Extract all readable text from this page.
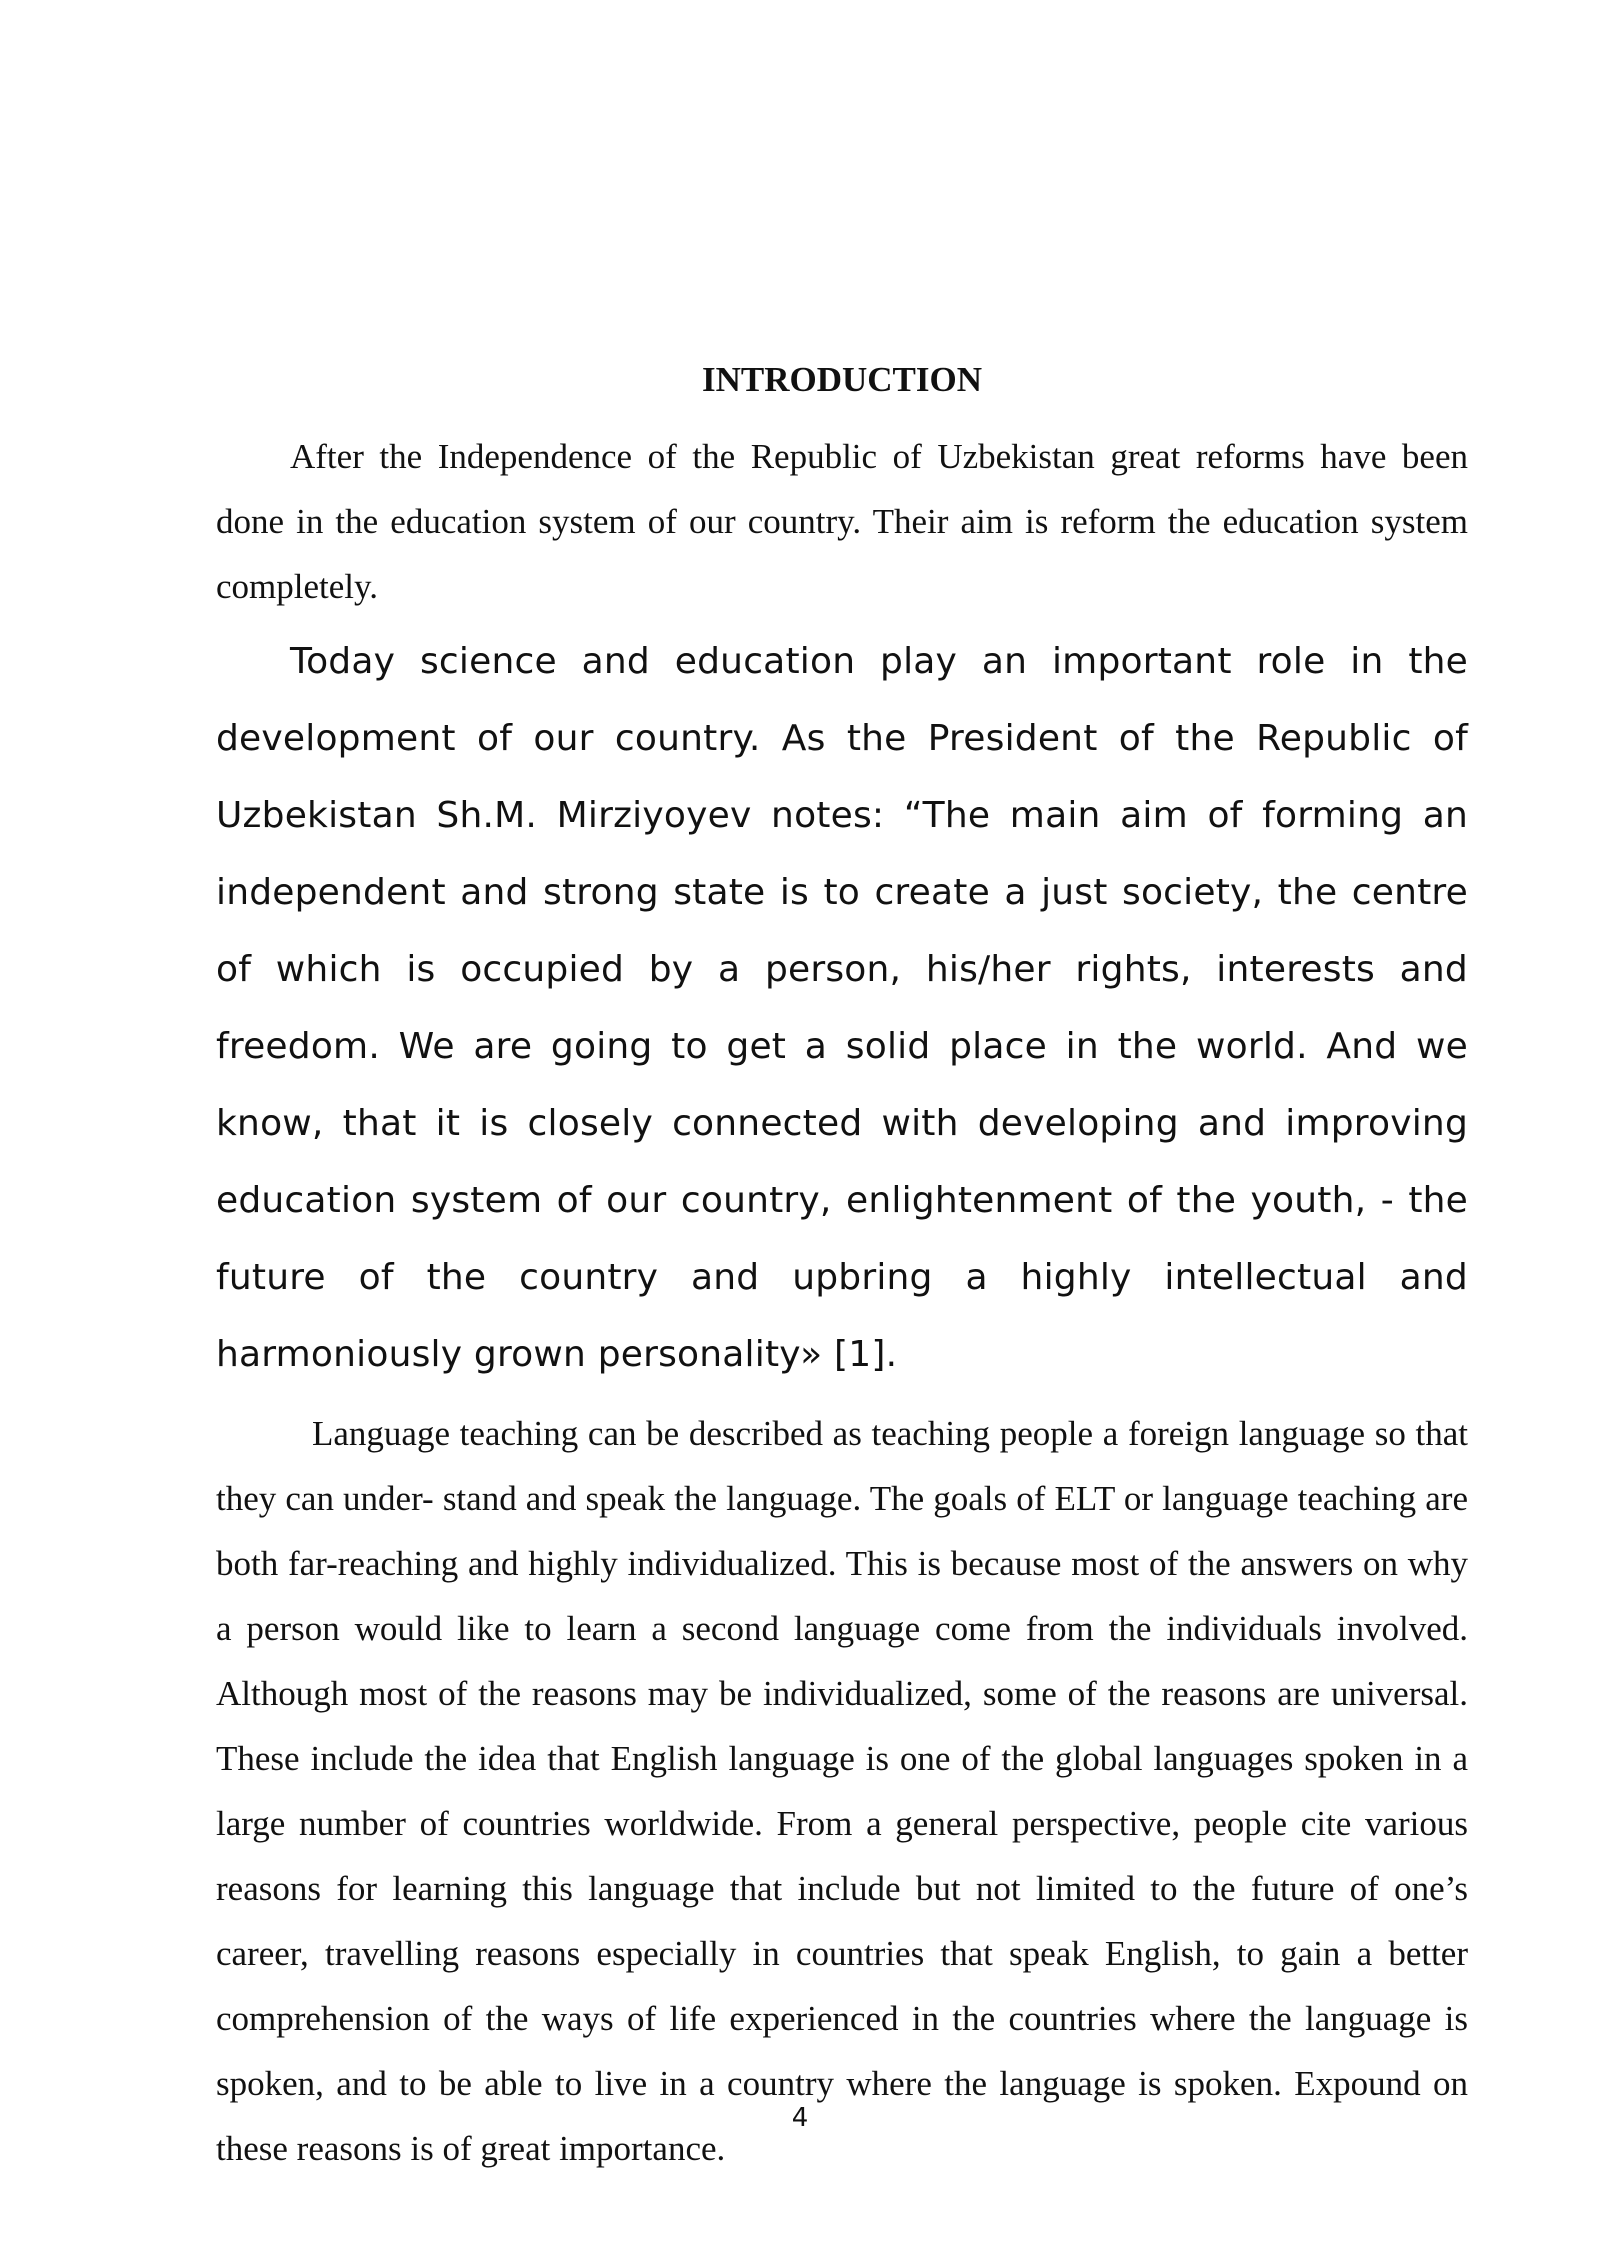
INTRODUCTION

After the Independence of the Republic of Uzbekistan great reforms have been done in the education system of our country. Their aim is reform the education system completely.

Today science and education play an important role in the development of our country. As the President of the Republic of Uzbekistan Sh.M. Mirziyoyev notes: “The main aim of forming an independent and strong state is to create a just society, the centre of which is occupied by a person, his/her rights, interests and freedom. We are going to get a solid place in the world. And we know, that it is closely connected with developing and improving education system of our country, enlightenment of the youth, - the future of the country and upbring a highly intellectual and harmoniously grown personality» [1].

Language teaching can be described as teaching people a foreign language so that they can under- stand and speak the language. The goals of ELT or language teaching are both far-reaching and highly individualized. This is because most of the answers on why a person would like to learn a second language come from the individuals involved. Although most of the reasons may be individualized, some of the reasons are universal. These include the idea that English language is one of the global languages spoken in a large number of countries worldwide. From a general perspective, people cite various reasons for learning this language that include but not limited to the future of one’s career, travelling reasons especially in countries that speak English, to gain a better comprehension of the ways of life experienced in the countries where the language is spoken, and to be able to live in a country where the language is spoken. Expound on these reasons is of great importance.

4
